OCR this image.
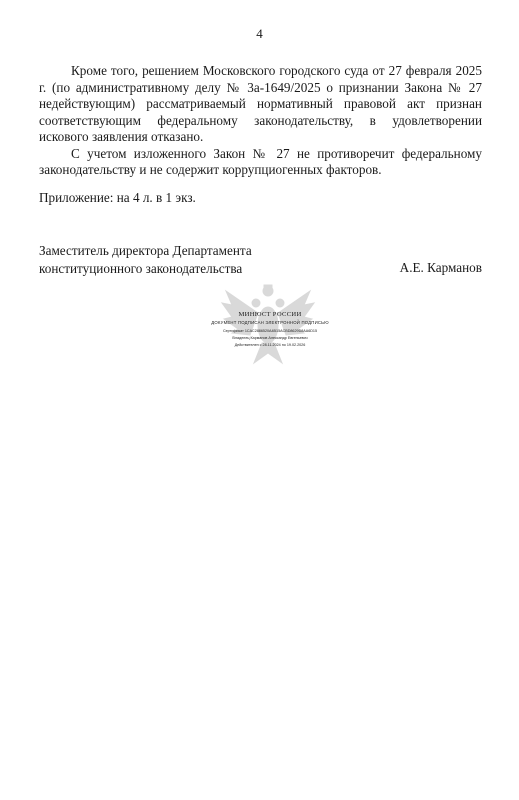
4

Кроме того, решением Московского городского суда от 27 февраля 2025 г. (по административному делу № 3а-1649/2025 о признании Закона № 27 недействующим) рассматриваемый нормативный правовой акт признан соответствующим федеральному законодательству, в удовлетворении искового заявления отказано.

С учетом изложенного Закон № 27 не противоречит федеральному законодательству и не содержит коррупциогенных факторов.

Приложение: на 4 л. в 1 экз.
Заместитель директора Департамента
конституционного законодательства	А.Е. Карманов
МИНЮСТ РОССИИ
ДОКУМЕНТ ПОДПИСАН ЭЛЕКТРОННОЙ ПОДПИСЬЮ
Сертификат 1CAC2886520A4B15ACBD8629D8AA6D15
Владелец Карманов Александр Евгеньевич
Действителен с 28.11.2024 по 19.02.2026
